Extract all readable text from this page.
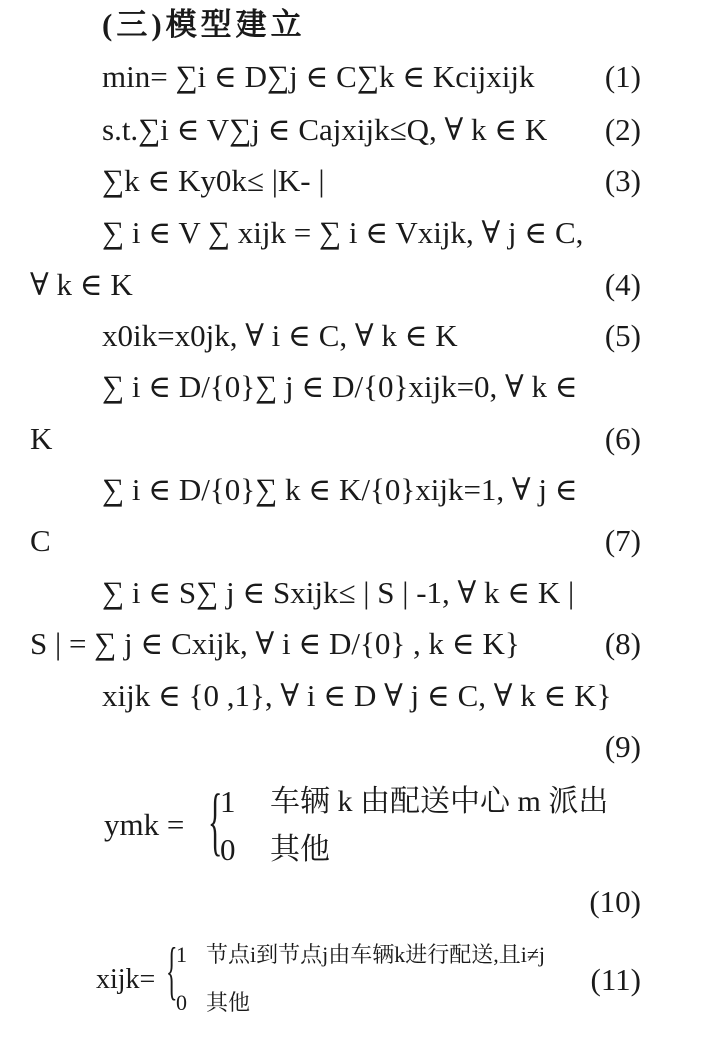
(三)模型建立
min= ∑i ∈ D∑j ∈ C∑k ∈ Kcijxijk (1)
s.t.∑i ∈ V∑j ∈ Cajxijk≤Q, ∀ k ∈ K (2)
∑k ∈ Ky0k≤ |K- |	(3)
∑ i ∈ V ∑ xijk = ∑ i ∈ Vxijk, ∀ j ∈ C,
∀ k ∈ K	(4)
x0ik=x0jk, ∀ i ∈ C, ∀ k ∈ K	(5)
∑ i ∈ D/{0}∑ j ∈ D/{0}xijk=0, ∀ k ∈
K	(6)
∑ i ∈ D/{0}∑ k ∈ K/{0}xijk=1, ∀ j ∈
C	(7)
∑ i ∈ S∑ j ∈ Sxijk≤ | S | -1, ∀ k ∈ K |
S | = ∑ j ∈ Cxijk, ∀ i ∈ D/{0} , k ∈ K}	(8)
xijk ∈ {0 ,1}, ∀ i ∈ D ∀ j ∈ C, ∀ k ∈ K}
(9)
ymk = {
1 车辆 k 由配送中心 m 派出
0 其他
(10)
xijk= {
1 节点i到节点j由车辆k进行配送,且i≠j
0 其他
(11)
